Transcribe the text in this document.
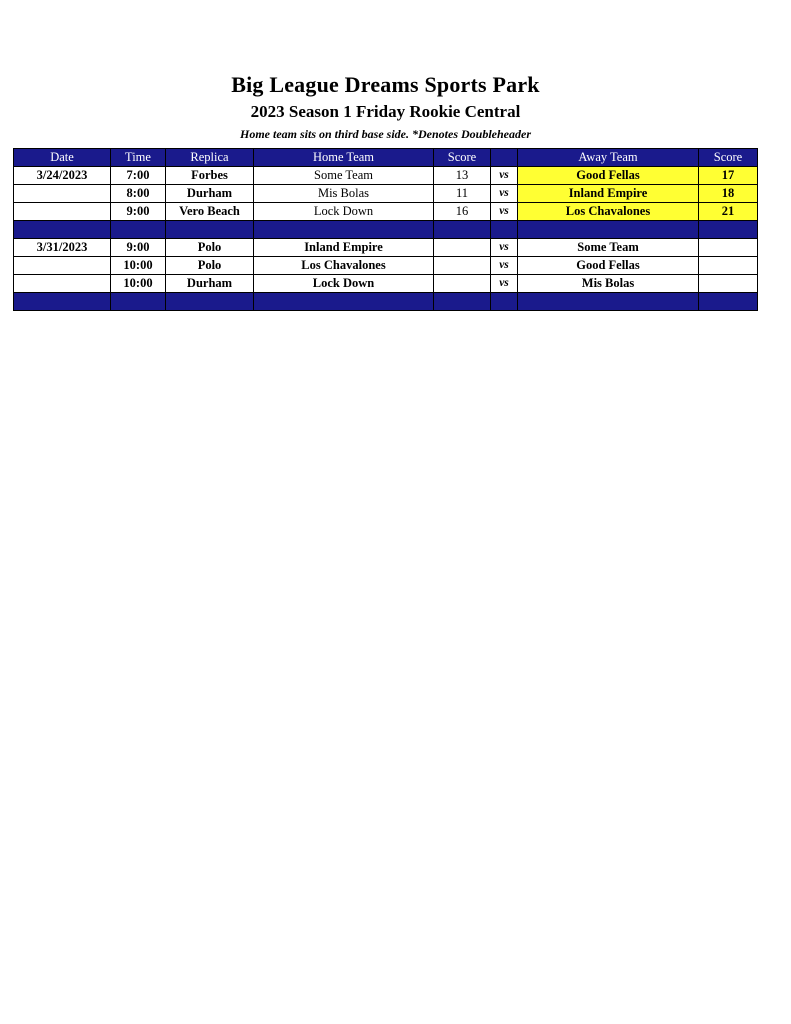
Big League Dreams Sports Park
2023 Season 1 Friday Rookie Central
Home team sits on third base side. *Denotes Doubleheader
Date	Time	Replica	Home Team	Score		Away Team	Score
3/24/2023	7:00	Forbes	Some Team	13	vs	Good Fellas	17
	8:00	Durham	Mis Bolas	11	vs	Inland Empire	18
	9:00	Vero Beach	Lock Down	16	vs	Los Chavalones	21

3/31/2023	9:00	Polo	Inland Empire		vs	Some Team	
	10:00	Polo	Los Chavalones		vs	Good Fellas	
	10:00	Durham	Lock Down		vs	Mis Bolas	
